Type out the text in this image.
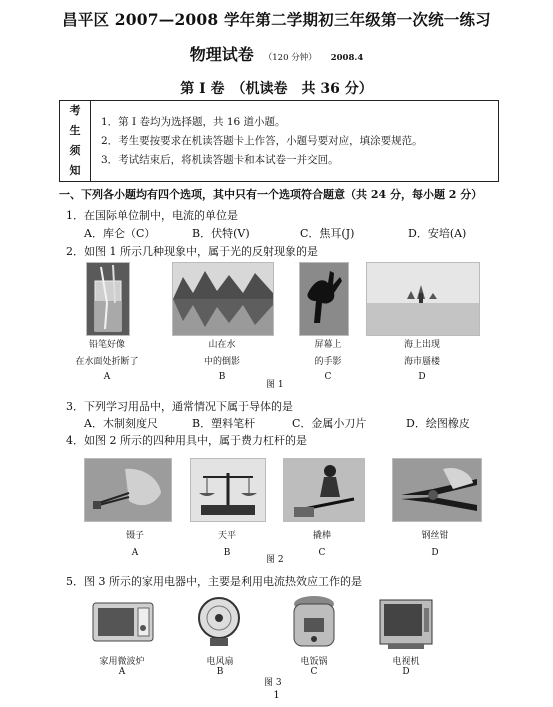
昌平区 2007—2008 学年第二学期初三年级第一次统一练习
物理试卷 （120 分钟） 2008.4
第 I 卷　（机读卷　共 36 分）
考
生
须
知
1．第 I 卷均为选择题，共 16 道小题。
2．考生要按要求在机读答题卡上作答，小题号要对应，填涂要规范。
3．考试结束后，将机读答题卡和本试卷一并交回。
一、下列各小题均有四个选项，其中只有一个选项符合题意（共 24 分，每小题 2 分）
1．在国际单位制中，电流的单位是
A．库仑（C）	B．伏特(V)	C．焦耳(J)	D．安培(A)
2．如图 1 所示几种现象中，属于光的反射现象的是
铅笔好像
在水面处折断了
山在水
中的倒影
屏幕上
的手影
海上出现
海市蜃楼
A	B	C	D
图 1
3．下列学习用品中，通常情况下属于导体的是
A．木制刻度尺	B．塑料笔杆	C．金属小刀片	D．绘图橡皮
4．如图 2 所示的四种用具中，属于费力杠杆的是
镊子	天平	撬棒	钢丝钳
A	B	C	D
图 2
5．图 3 所示的家用电器中，主要是利用电流热效应工作的是
家用微波炉	电风扇	电饭锅	电视机
A	B	C	D
图 3
1
